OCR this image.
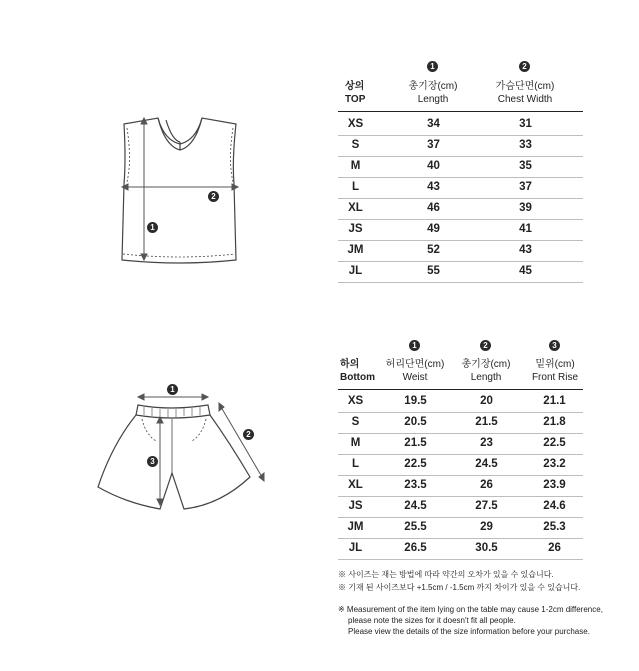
1
2
상의
TOP
1
총기장(cm)
Length
2
가슴단면(cm)
Chest Width
XS	34	31
S	37	33
M	40	35
L	43	37
XL	46	39
JS	49	41
JM	52	43
JL	55	45
1
2
3
하의
Bottom
1
허리단면(cm)
Weist
2
총기장(cm)
Length
3
밑위(cm)
Front Rise
XS	19.5	20	21.1
S	20.5	21.5	21.8
M	21.5	23	22.5
L	22.5	24.5	23.2
XL	23.5	26	23.9
JS	24.5	27.5	24.6
JM	25.5	29	25.3
JL	26.5	30.5	26
※ 사이즈는 재는 방법에 따라 약간의 오차가 있을 수 있습니다.
※ 기재 된 사이즈보다 +1.5cm / -1.5cm 까지 차이가 있을 수 있습니다.
※ Measurement of the item lying on the table may cause 1-2cm difference,
please note the sizes for it doesn't fit all people.
Please view the details of the size information before your purchase.
